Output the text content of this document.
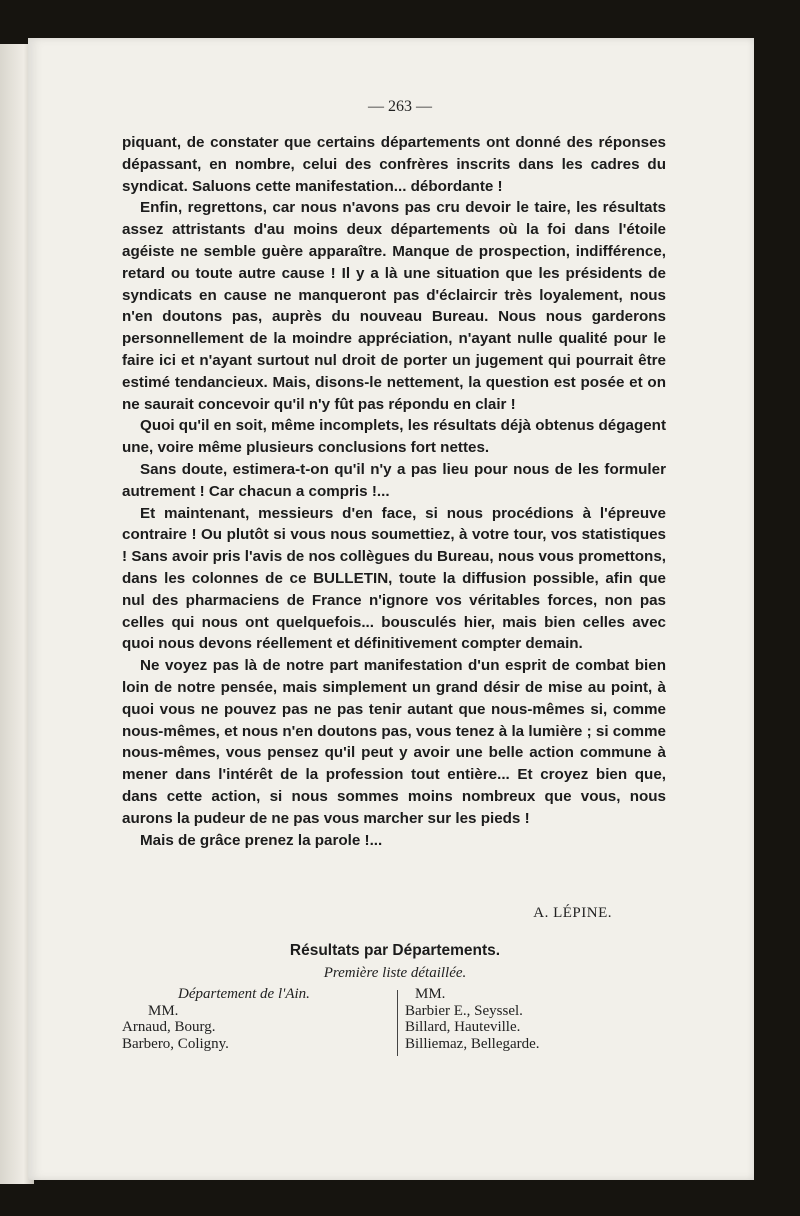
— 263 —

piquant, de constater que certains départements ont donné des réponses dépassant, en nombre, celui des confrères inscrits dans les cadres du syndicat. Saluons cette manifestation... débordante !

Enfin, regrettons, car nous n'avons pas cru devoir le taire, les résultats assez attristants d'au moins deux départements où la foi dans l'étoile agéiste ne semble guère apparaître. Manque de prospection, indifférence, retard ou toute autre cause ! Il y a là une situation que les présidents de syndicats en cause ne manqueront pas d'éclaircir très loyalement, nous n'en doutons pas, auprès du nouveau Bureau. Nous nous garderons personnellement de la moindre appréciation, n'ayant nulle qualité pour le faire ici et n'ayant surtout nul droit de porter un jugement qui pourrait être estimé tendancieux. Mais, disons-le nettement, la question est posée et on ne saurait concevoir qu'il n'y fût pas répondu en clair !

Quoi qu'il en soit, même incomplets, les résultats déjà obtenus dégagent une, voire même plusieurs conclusions fort nettes.

Sans doute, estimera-t-on qu'il n'y a pas lieu pour nous de les formuler autrement ! Car chacun a compris !...

Et maintenant, messieurs d'en face, si nous procédions à l'épreuve contraire ! Ou plutôt si vous nous soumettiez, à votre tour, vos statistiques ! Sans avoir pris l'avis de nos collègues du Bureau, nous vous promettons, dans les colonnes de ce BULLETIN, toute la diffusion possible, afin que nul des pharmaciens de France n'ignore vos véritables forces, non pas celles qui nous ont quelquefois... bousculés hier, mais bien celles avec quoi nous devons réellement et définitivement compter demain.

Ne voyez pas là de notre part manifestation d'un esprit de combat bien loin de notre pensée, mais simplement un grand désir de mise au point, à quoi vous ne pouvez pas ne pas tenir autant que nous-mêmes si, comme nous-mêmes, et nous n'en doutons pas, vous tenez à la lumière ; si comme nous-mêmes, vous pensez qu'il peut y avoir une belle action commune à mener dans l'intérêt de la profession tout entière... Et croyez bien que, dans cette action, si nous sommes moins nombreux que vous, nous aurons la pudeur de ne pas vous marcher sur les pieds !

Mais de grâce prenez la parole !...

A. LÉPINE.
Résultats par Départements.
Première liste détaillée.
Département de l'Ain.
MM.
Arnaud, Bourg.
Barbero, Coligny.
MM.
Barbier E., Seyssel.
Billard, Hauteville.
Billiemaz, Bellegarde.
